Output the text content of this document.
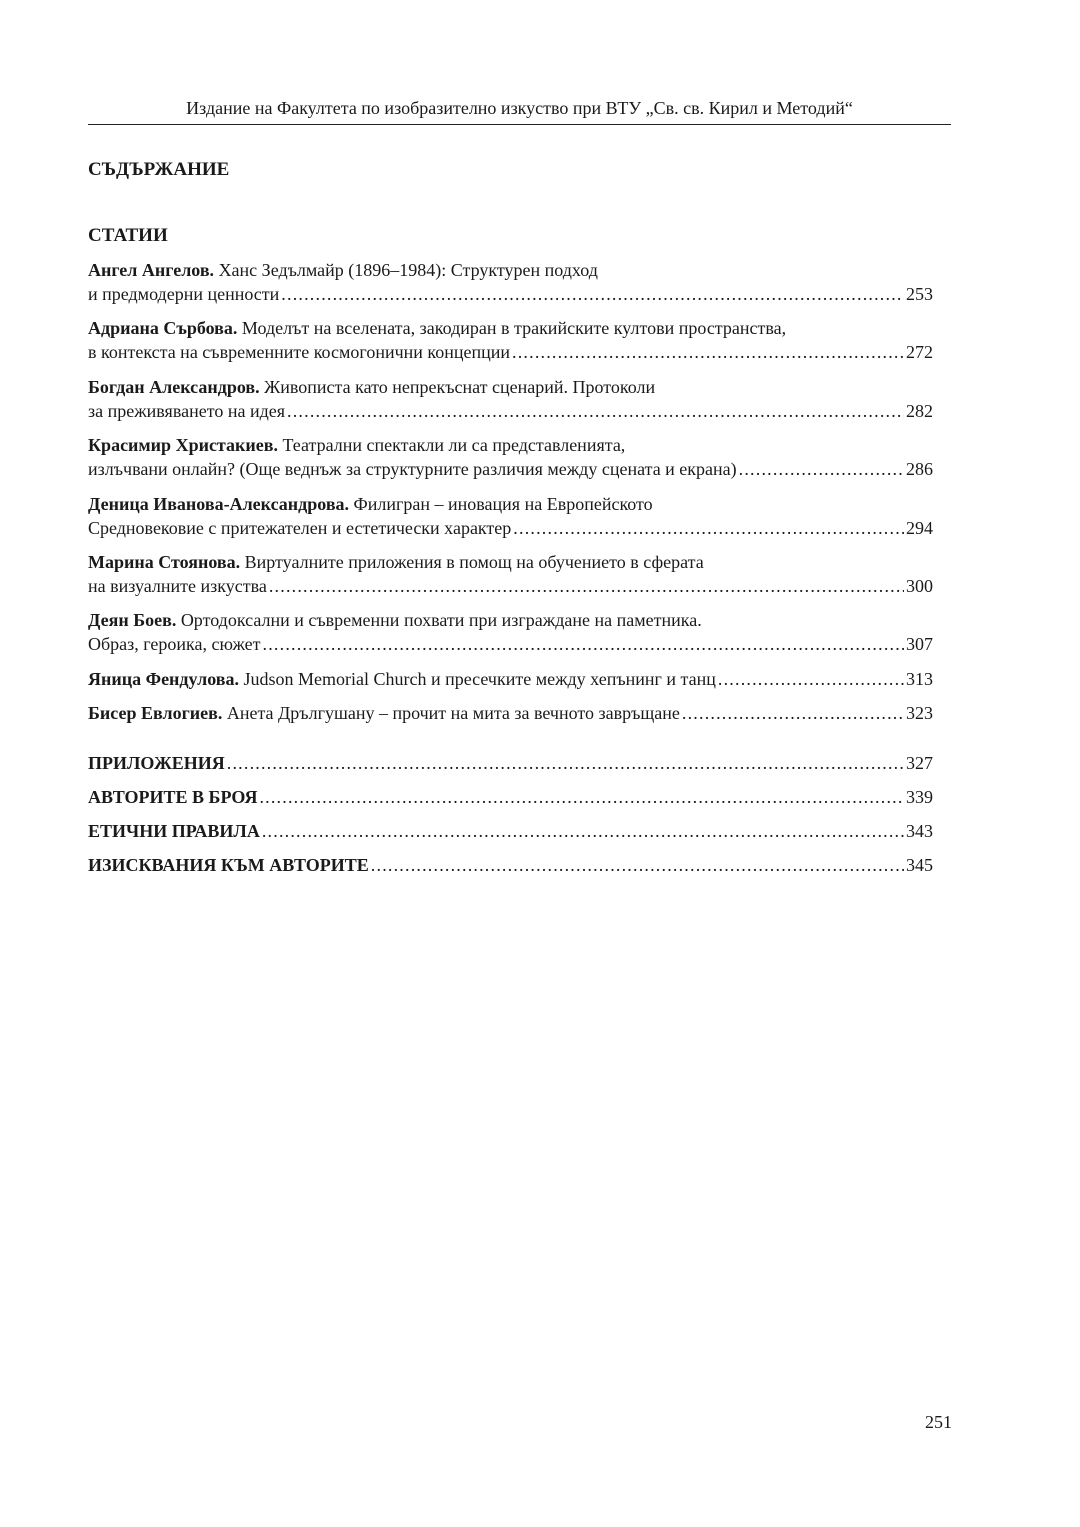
Издание на Факултета по изобразително изкуство при ВТУ „Св. св. Кирил и Методий“
СЪДЪРЖАНИЕ
СТАТИИ
Ангел Ангелов. Ханс Зедълмайр (1896–1984): Структурен подход
и предмодерни ценности .....	253
Адриана Сърбова. Моделът на вселената, закодиран в тракийските култови пространства,
в контекста на съвременните космогонични концепции .....	272
Богдан Александров. Живописта като непрекъснат сценарий. Протоколи
за преживяването на идея .....	282
Красимир Христакиев. Театрални спектакли ли са представленията,
излъчвани онлайн? (Още веднъж за структурните различия между сцената и екрана) .....	286
Деница Иванова-Александрова. Филигран – иновация на Европейското
Средновековие с притежателен и естетически характер .....	294
Марина Стоянова. Виртуалните приложения в помощ на обучението в сферата
на визуалните изкуства .....	300
Деян Боев. Ортодоксални и съвременни похвати при изграждане на паметника.
Образ, героика, сюжет .....	307
Яница Фендулова. Judson Memorial Church и пресечките между хепънинг и танц .....	313
Бисер Евлогиев. Анета Дрългушану – прочит на мита за вечното завръщане .....	323
ПРИЛОЖЕНИЯ .....	327
АВТОРИТЕ В БРОЯ .....	339
ЕТИЧНИ ПРАВИЛА .....	343
ИЗИСКВАНИЯ КЪМ АВТОРИТЕ .....	345
251
